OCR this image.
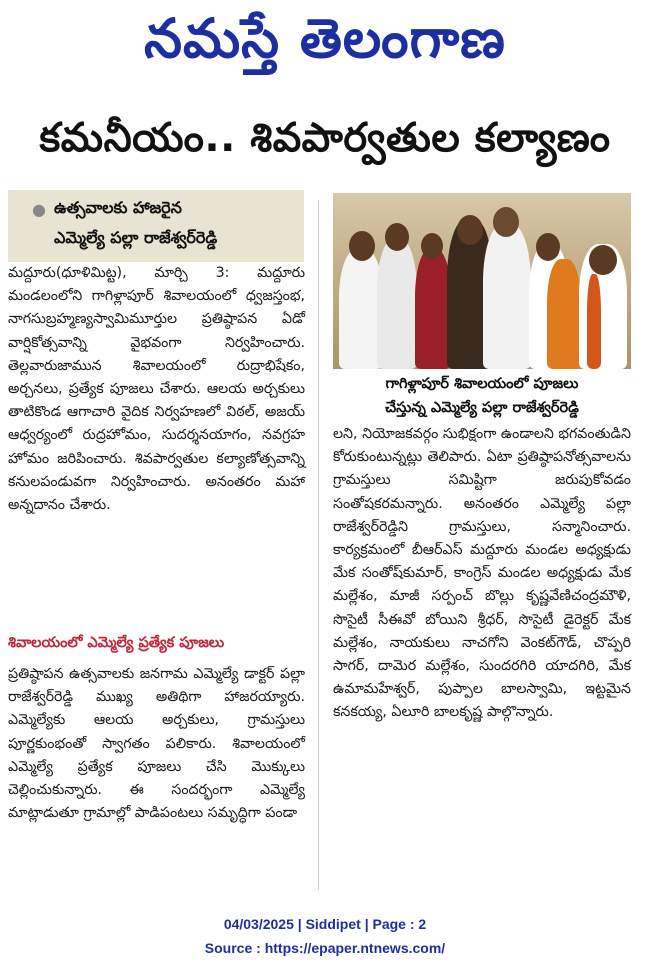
నమస్తే తెలంగాణ
కమనీయం.. శివపార్వతుల కల్యాణం
● ఉత్సవాలకు హాజరైన
ఎమ్మెల్యే పల్లా రాజేశ్వర్‌రెడ్డి
మద్దూరు(ధూళిమిట్ట), మార్చి 3: మద్దూరు మండలంలోని గాగిళ్లాపూర్ శివాలయంలో ధ్వజస్తంభ, నాగసుబ్రహ్మణ్యస్వామిమూర్తుల ప్రతిష్ఠాపన ఏడో వార్షికోత్సవాన్ని వైభవంగా నిర్వహించారు. తెల్లవారుజామున శివాలయంలో రుద్రాభిషేకం, అర్చనలు, ప్రత్యేక పూజలు చేశారు. ఆలయ అర్చకులు తాటికొండ ఆగాచారి వైదిక నిర్వహణలో విఠల్, అజయ్ ఆధ్వర్యంలో రుద్రహోమం, సుదర్శనయాగం, నవగ్రహ హోమం జరిపించారు. శివపార్వతుల కల్యాణోత్సవాన్ని కనులపండువగా నిర్వహించారు. అనంతరం మహా అన్నదానం చేశారు.
శివాలయంలో ఎమ్మెల్యే ప్రత్యేక పూజలు
ప్రతిష్ఠాపన ఉత్సవాలకు జనగామ ఎమ్మెల్యే డాక్టర్ పల్లా రాజేశ్వర్‌రెడ్డి ముఖ్య అతిథిగా హాజరయ్యారు. ఎమ్మెల్యేకు ఆలయ అర్చకులు, గ్రామస్తులు పూర్ణకుంభంతో స్వాగతం పలికారు. శివాలయంలో ఎమ్మెల్యే ప్రత్యేక పూజలు చేసి మొక్కులు చెల్లించుకున్నారు. ఈ సందర్భంగా ఎమ్మెల్యే మాట్లాడుతూ గ్రామాల్లో పాడిపంటలు సమృద్ధిగా పండా
గాగిళ్లాపూర్ శివాలయంలో పూజలు
చేస్తున్న ఎమ్మెల్యే పల్లా రాజేశ్వర్‌రెడ్డి
లని, నియోజకవర్గం సుభిక్షంగా ఉండాలని భగవంతుడిని కోరుకుంటున్నట్లు తెలిపారు. ఏటా ప్రతిష్ఠాపనోత్సవాలను గ్రామస్తులు సమిష్టిగా జరుపుకోవడం సంతోషకరమన్నారు. అనంతరం ఎమ్మెల్యే పల్లా రాజేశ్వర్‌రెడ్డిని గ్రామస్తులు, సన్మానించారు. కార్యక్రమంలో బీఆర్‌ఎస్ మద్దూరు మండల అధ్యక్షుడు మేక సంతోష్‌కుమార్, కాంగ్రెస్ మండల అధ్యక్షుడు మేక మల్లేశం, మాజీ సర్పంచ్ బొల్లు కృష్ణవేణిచంద్రమౌళి, సొసైటీ సీఈవో బోయిని శ్రీధర్, సొసైటీ డైరెక్టర్ మేక మల్లేశం, నాయకులు నాచగోని వెంకట్‌గౌడ్, చొప్పరి సాగర్, దామెర మల్లేశం, సుందరగిరి యాదగిరి, మేక ఉమామహేశ్వర్, పుప్పాల బాలస్వామి, ఇట్టమైన కనకయ్య, ఏలూరి బాలకృష్ణ పాల్గొన్నారు.
04/03/2025 | Siddipet | Page : 2
Source : https://epaper.ntnews.com/
